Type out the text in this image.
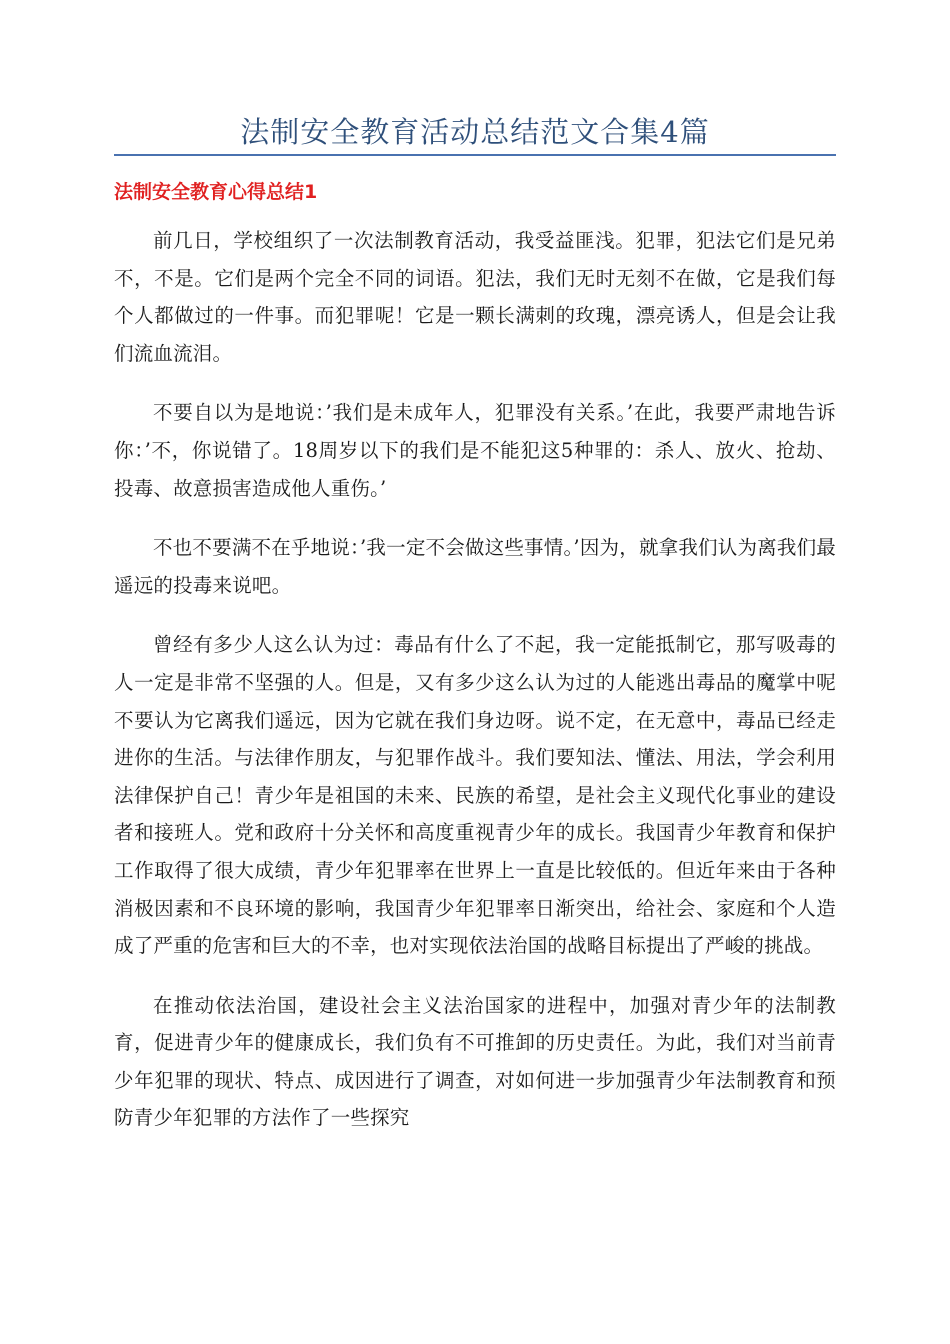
法制安全教育活动总结范文合集4篇
法制安全教育心得总结1

前几日，学校组织了一次法制教育活动，我受益匪浅。犯罪，犯法它们是兄弟不，不是。它们是两个完全不同的词语。犯法，我们无时无刻不在做，它是我们每个人都做过的一件事。而犯罪呢！它是一颗长满刺的玫瑰，漂亮诱人，但是会让我们流血流泪。

不要自以为是地说：’我们是未成年人，犯罪没有关系。’在此，我要严肃地告诉你：’不，你说错了。18周岁以下的我们是不能犯这5种罪的：杀人、放火、抢劫、投毒、故意损害造成他人重伤。’

不也不要满不在乎地说：’我一定不会做这些事情。’因为，就拿我们认为离我们最遥远的投毒来说吧。

曾经有多少人这么认为过：毒品有什么了不起，我一定能抵制它，那写吸毒的人一定是非常不坚强的人。但是，又有多少这么认为过的人能逃出毒品的魔掌中呢不要认为它离我们遥远，因为它就在我们身边呀。说不定，在无意中，毒品已经走进你的生活。与法律作朋友，与犯罪作战斗。我们要知法、懂法、用法，学会利用法律保护自己！青少年是祖国的未来、民族的希望，是社会主义现代化事业的建设者和接班人。党和政府十分关怀和高度重视青少年的成长。我国青少年教育和保护工作取得了很大成绩，青少年犯罪率在世界上一直是比较低的。但近年来由于各种消极因素和不良环境的影响，我国青少年犯罪率日渐突出，给社会、家庭和个人造成了严重的危害和巨大的不幸，也对实现依法治国的战略目标提出了严峻的挑战。

在推动依法治国，建设社会主义法治国家的进程中，加强对青少年的法制教育，促进青少年的健康成长，我们负有不可推卸的历史责任。为此，我们对当前青少年犯罪的现状、特点、成因进行了调查，对如何进一步加强青少年法制教育和预防青少年犯罪的方法作了一些探究
